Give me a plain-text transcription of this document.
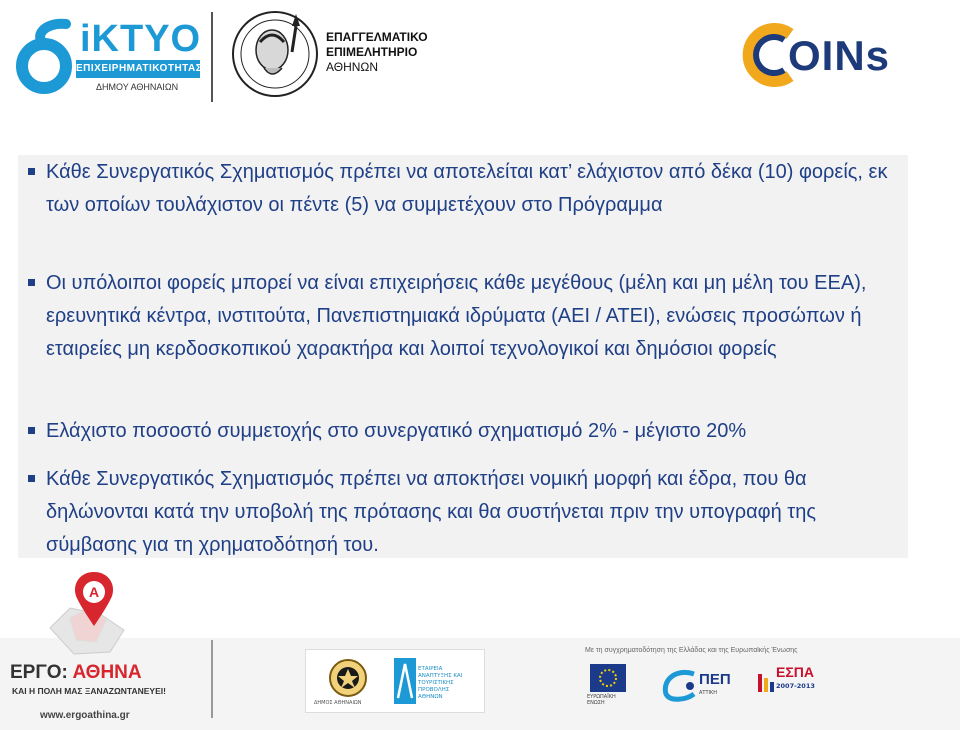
iKTYO
ΕΠΙΧΕΙΡΗΜΑΤΙΚΟΤΗΤΑΣ
ΔΗΜΟΥ ΑΘΗΝΑΙΩΝ
ΕΠΑΓΓΕΛΜΑΤΙΚΟ
ΕΠΙΜΕΛΗΤΗΡΙΟ
ΑΘΗΝΩΝ	OINs
Κάθε Συνεργατικός Σχηματισμός πρέπει να αποτελείται κατ’ ελάχιστον από δέκα (10) φορείς, εκ των οποίων τουλάχιστον οι πέντε (5) να συμμετέχουν στο Πρόγραμμα
Οι υπόλοιποι φορείς μπορεί να είναι επιχειρήσεις κάθε μεγέθους (μέλη και μη μέλη του ΕΕΑ), ερευνητικά κέντρα, ινστιτούτα, Πανεπιστημιακά ιδρύματα (ΑΕΙ / ΑΤΕΙ), ενώσεις προσώπων ή εταιρείες μη κερδοσκοπικού χαρακτήρα και λοιποί τεχνολογικοί και δημόσιοι φορείς
Ελάχιστο ποσοστό συμμετοχής στο συνεργατικό σχηματισμό 2% - μέγιστο 20%
Κάθε Συνεργατικός Σχηματισμός πρέπει να αποκτήσει νομική μορφή και έδρα, που θα δηλώνονται κατά την υποβολή της πρότασης και θα συστήνεται πριν την υπογραφή της σύμβασης για τη χρηματοδότησή του.
Α
ΕΡΓΟ: ΑΘΗΝΑ
ΚΑΙ Η ΠΟΛΗ ΜΑΣ ΞΑΝΑΖΩΝΤΑΝΕΥΕΙ!
www.ergoathina.gr
ΔΗΜΟΣ ΑΘΗΝΑΙΩΝ
ΕΤΑΙΡΕΙΑ ΑΝΑΠΤΥΞΗΣ ΚΑΙ ΤΟΥΡΙΣΤΙΚΗΣ ΠΡΟΒΟΛΗΣ ΑΘΗΝΩΝ
Με τη συγχρηματοδότηση της Ελλάδας και της Ευρωπαϊκής Ένωσης
ΕΥΡΩΠΑΪΚΗ ΕΝΩΣΗ
ΠΕΠ
ΑΤΤΙΚΗ
ΕΣΠΑ
2007-2013
